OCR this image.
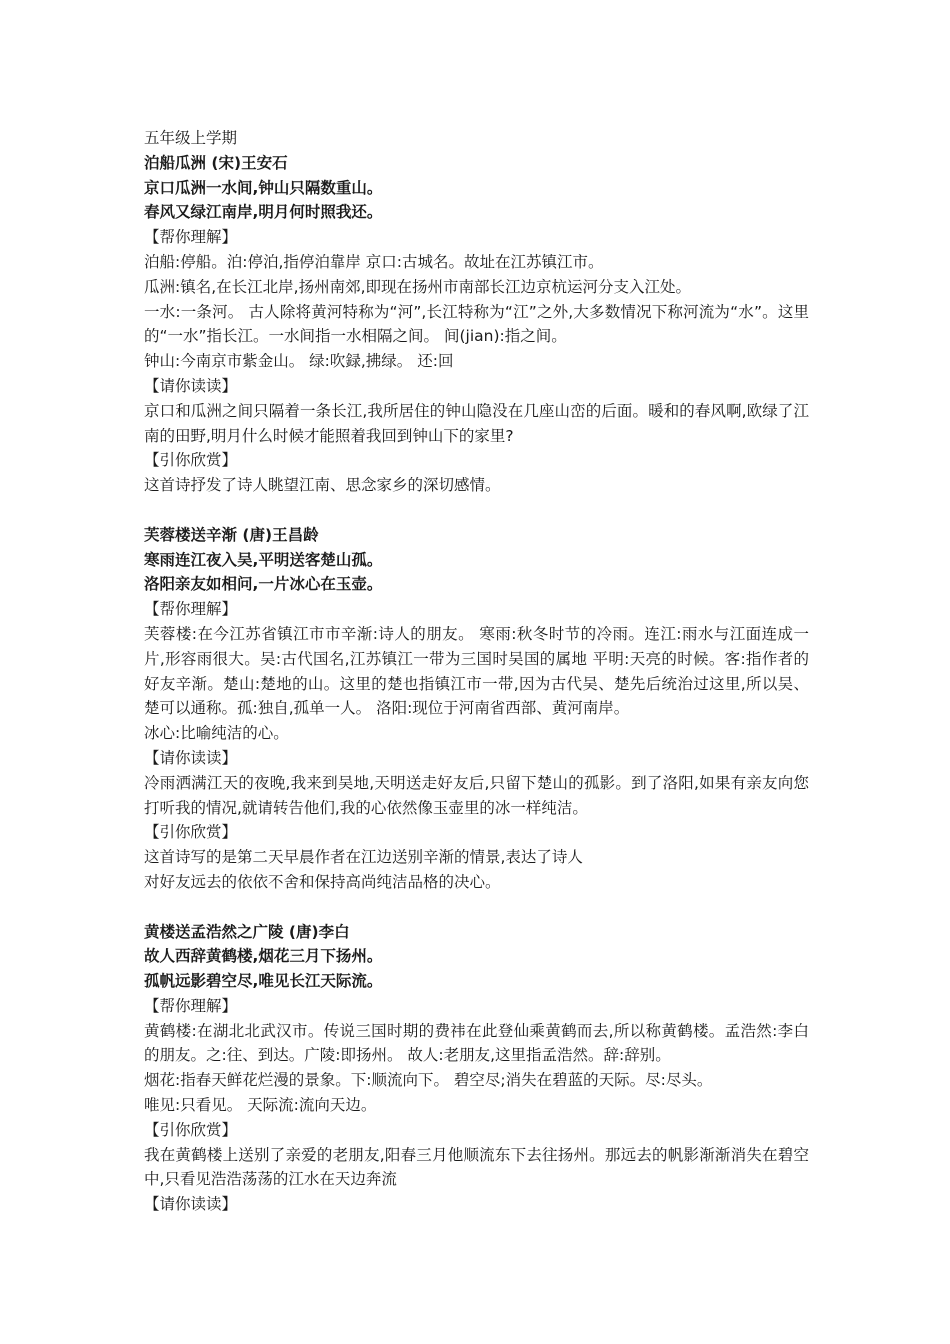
五年级上学期
泊船瓜洲 (宋)王安石
京口瓜洲一水间,钟山只隔数重山。
春风又绿江南岸,明月何时照我还。
【帮你理解】
泊船:停船。泊:停泊,指停泊靠岸 京口:古城名。故址在江苏镇江市。
瓜洲:镇名,在长江北岸,扬州南郊,即现在扬州市南部长江边京杭运河分支入江处。
一水:一条河。 古人除将黄河特称为“河”,长江特称为“江”之外,大多数情况下称河流为“水”。这里的“一水”指长江。一水间指一水相隔之间。 间(jian):指之间。
钟山:今南京市紫金山。 绿:吹録,拂绿。 还:回
【请你读读】
京口和瓜洲之间只隔着一条长江,我所居住的钟山隐没在几座山峦的后面。暖和的春风啊,欧绿了江南的田野,明月什么时候才能照着我回到钟山下的家里?
【引你欣赏】
这首诗抒发了诗人眺望江南、思念家乡的深切感情。
芙蓉楼送辛渐 (唐)王昌龄
寒雨连江夜入吴,平明送客楚山孤。
洛阳亲友如相问,一片冰心在玉壶。
【帮你理解】
芙蓉楼:在今江苏省镇江市市辛渐:诗人的朋友。 寒雨:秋冬时节的冷雨。连江:雨水与江面连成一片,形容雨很大。吴:古代国名,江苏镇江一带为三国时吴国的属地 平明:天亮的时候。客:指作者的好友辛渐。楚山:楚地的山。这里的楚也指镇江市一带,因为古代吴、楚先后统治过这里,所以吴、楚可以通称。孤:独自,孤单一人。 洛阳:现位于河南省西部、黄河南岸。
冰心:比喻纯洁的心。
【请你读读】
冷雨洒满江天的夜晚,我来到吴地,天明送走好友后,只留下楚山的孤影。到了洛阳,如果有亲友向您打听我的情况,就请转告他们,我的心依然像玉壶里的冰一样纯洁。
【引你欣赏】
这首诗写的是第二天早晨作者在江边送别辛渐的情景,表达了诗人
对好友远去的依依不舍和保持高尚纯洁品格的决心。
黄楼送孟浩然之广陵 (唐)李白
故人西辞黄鹤楼,烟花三月下扬州。
孤帆远影碧空尽,唯见长江天际流。
【帮你理解】
黄鹤楼:在湖北北武汉市。传说三国时期的费祎在此登仙乘黄鹤而去,所以称黄鹤楼。孟浩然:李白的朋友。之:往、到达。广陵:即扬州。 故人:老朋友,这里指孟浩然。辞:辞别。
烟花:指春天鲜花烂漫的景象。下:顺流向下。 碧空尽;消失在碧蓝的天际。尽:尽头。
唯见:只看见。 天际流:流向天边。
【引你欣赏】
我在黄鹤楼上送别了亲爱的老朋友,阳春三月他顺流东下去往扬州。那远去的帆影渐渐消失在碧空中,只看见浩浩荡荡的江水在天边奔流
【请你读读】
